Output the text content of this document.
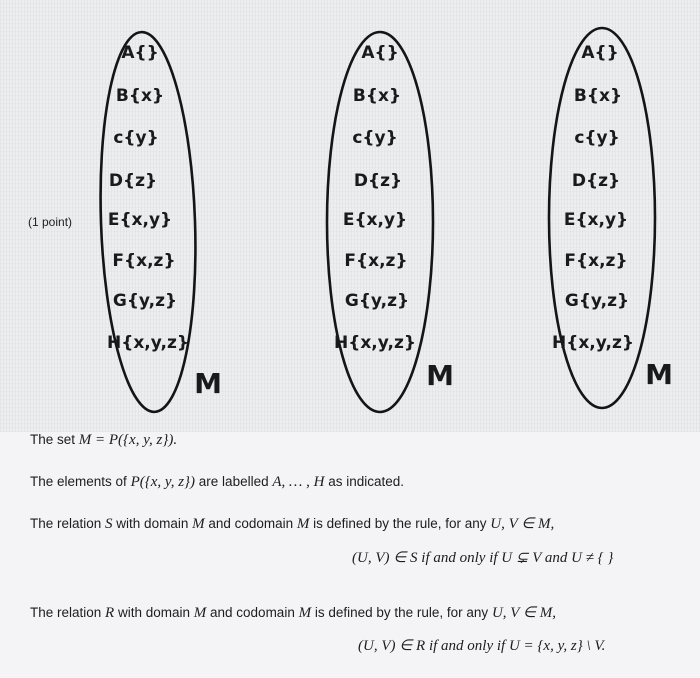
A{}
B{x}
c{y}
D{z}
E{x,y}
F{x,z}
G{y,z}
H{x,y,z}
M
A{}
B{x}
c{y}
D{z}
E{x,y}
F{x,z}
G{y,z}
H{x,y,z}
M
A{}
B{x}
c{y}
D{z}
E{x,y}
F{x,z}
G{y,z}
H{x,y,z}
M
(1 point)
The set M = P({x, y, z}).
The elements of P({x, y, z}) are labelled A, … , H as indicated.
The relation S with domain M and codomain M is defined by the rule, for any U, V ∈ M,
(U, V) ∈ S if and only if U ⊊ V and U ≠ { }
The relation R with domain M and codomain M is defined by the rule, for any U, V ∈ M,
(U, V) ∈ R if and only if U = {x, y, z} \ V.
